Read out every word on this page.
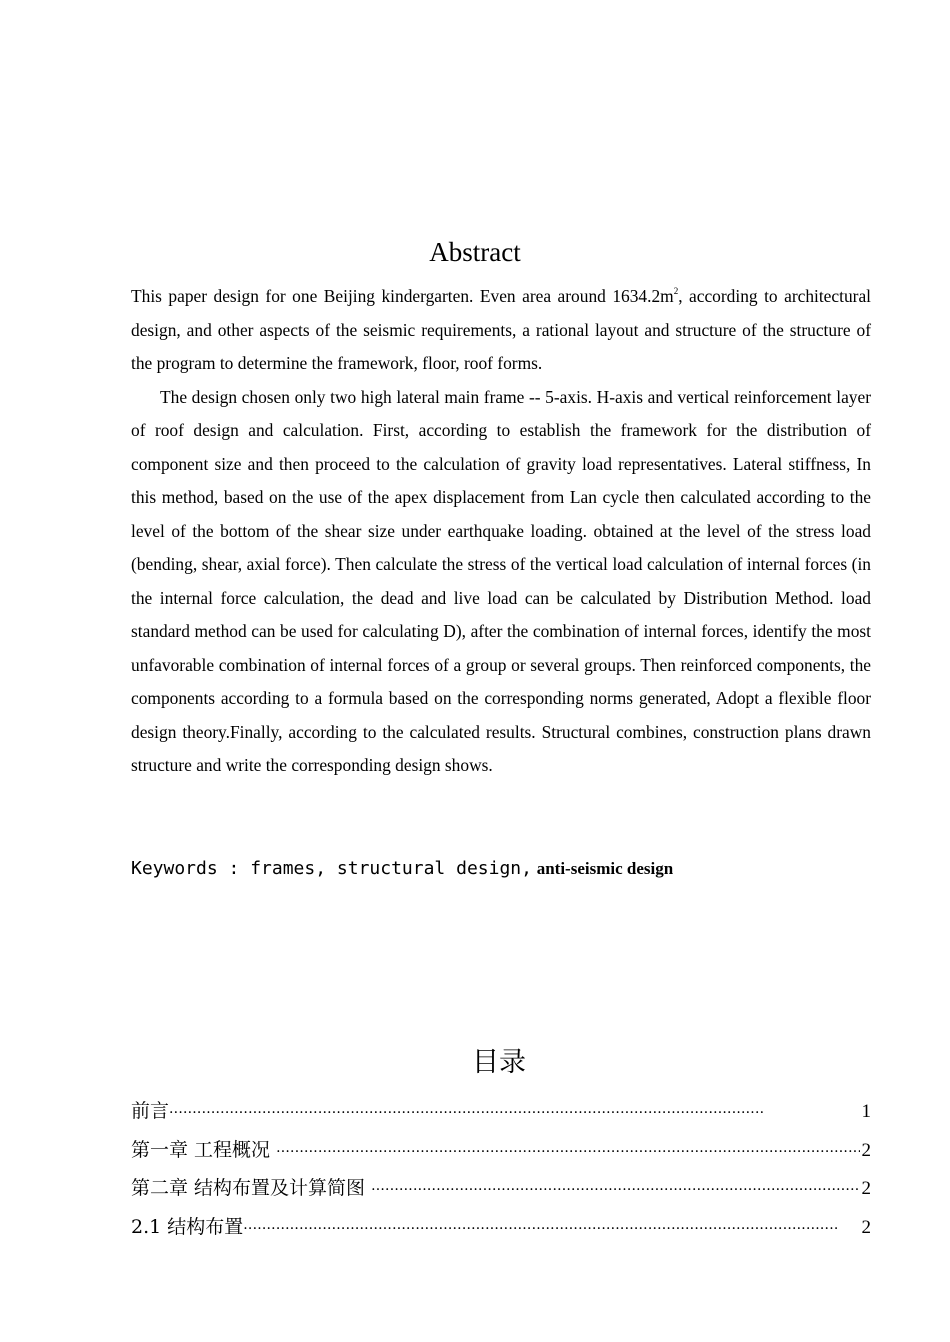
Abstract

This paper design for one Beijing kindergarten. Even area around $1634.2m^2$, according to architectural design, and other aspects of the seismic requirements, a rational layout and structure of the structure of the program to determine the framework, floor, roof forms.

The design chosen only two high lateral main frame -- 5-axis. H-axis and vertical reinforcement layer of roof design and calculation. First, according to establish the framework for the distribution of component size and then proceed to the calculation of gravity load representatives. Lateral stiffness, In this method, based on the use of the apex displacement from Lan cycle then calculated according to the level of the bottom of the shear size under earthquake loading. obtained at the level of the stress load (bending, shear, axial force). Then calculate the stress of the vertical load calculation of internal forces (in the internal force calculation, the dead and live load can be calculated by Distribution Method. load standard method can be used for calculating D), after the combination of internal forces, identify the most unfavorable combination of internal forces of a group or several groups. Then reinforced components, the components according to a formula based on the corresponding norms generated, Adopt a flexible floor design theory.Finally, according to the calculated results. Structural combines, construction plans drawn structure and write the corresponding design shows.

Keywords : frames, structural design, anti-seismic design
目录
前言 ·····	1
第一章 工程概况 ·····	2
第二章 结构布置及计算简图 ·····	2
2.1 结构布置 ·····	2
